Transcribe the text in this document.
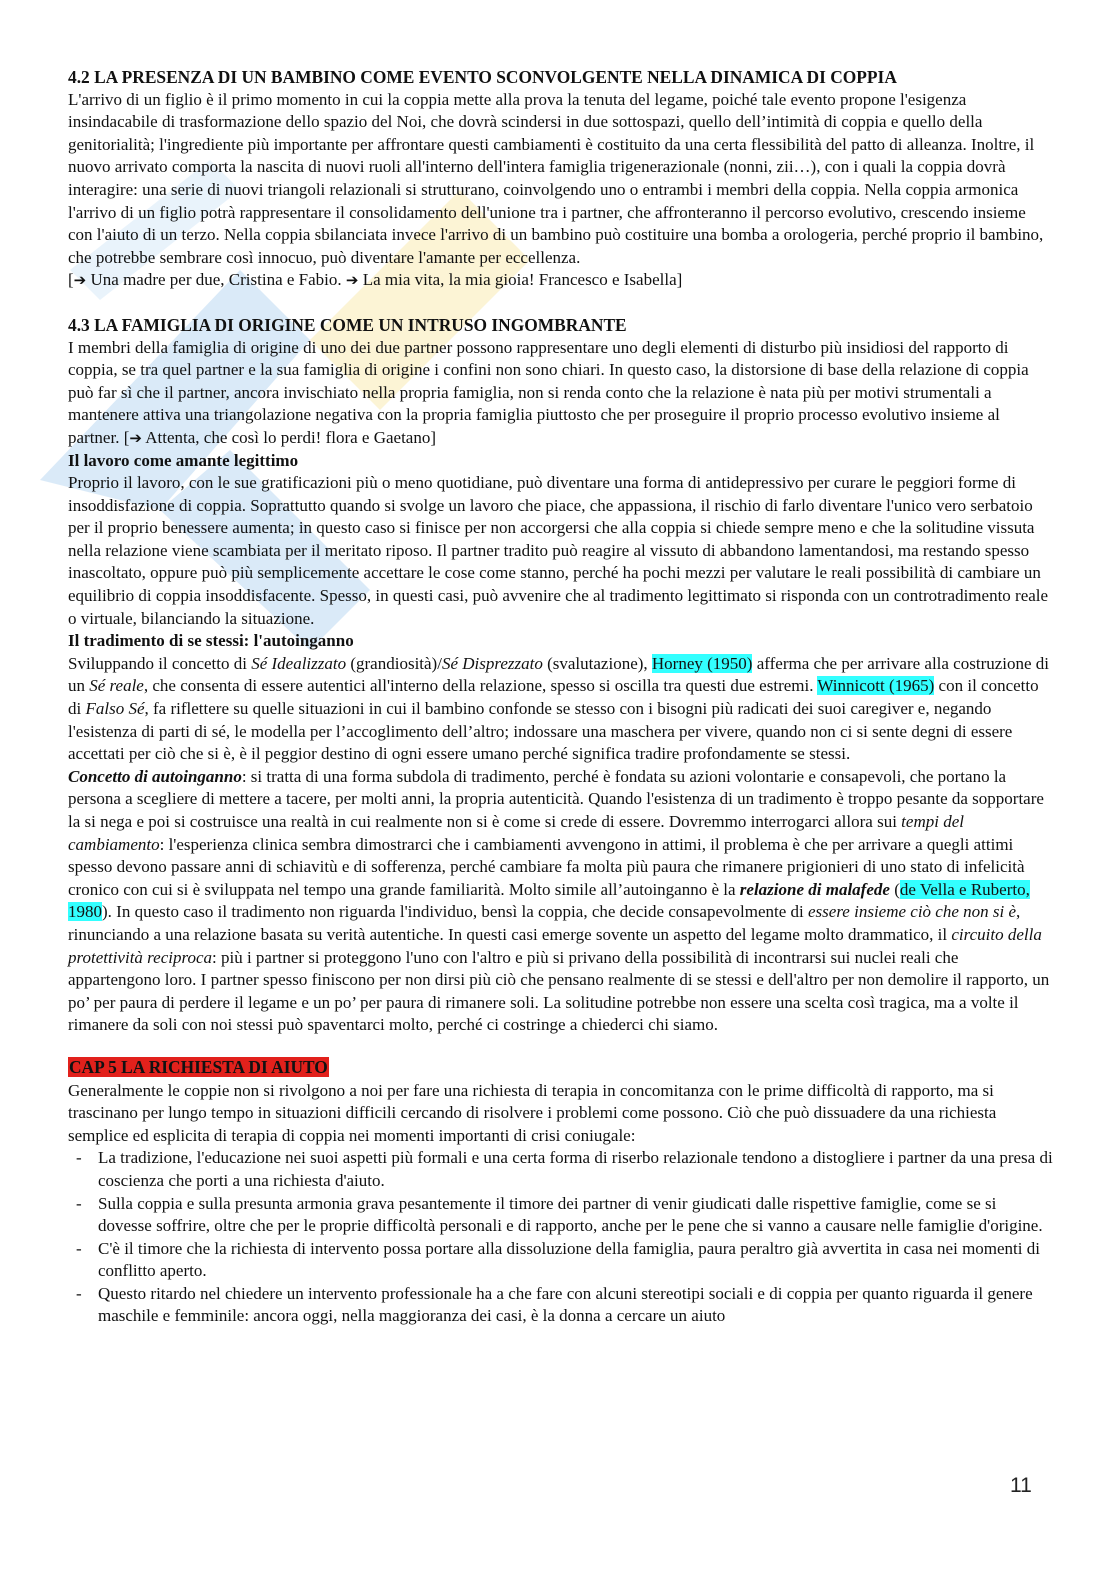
4.2 LA PRESENZA DI UN BAMBINO COME EVENTO SCONVOLGENTE NELLA DINAMICA DI COPPIA

L'arrivo di un figlio è il primo momento in cui la coppia mette alla prova la tenuta del legame, poiché tale evento propone l'esigenza insindacabile di trasformazione dello spazio del Noi, che dovrà scindersi in due sottospazi, quello dell’intimità di coppia e quello della genitorialità; l'ingrediente più importante per affrontare questi cambiamenti è costituito da una certa flessibilità del patto di alleanza. Inoltre, il nuovo arrivato comporta la nascita di nuovi ruoli all'interno dell'intera famiglia trigenerazionale (nonni, zii…), con i quali la coppia dovrà interagire: una serie di nuovi triangoli relazionali si strutturano, coinvolgendo uno o entrambi i membri della coppia. Nella coppia armonica l'arrivo di un figlio potrà rappresentare il consolidamento dell'unione tra i partner, che affronteranno il percorso evolutivo, crescendo insieme con l'aiuto di un terzo. Nella coppia sbilanciata invece l'arrivo di un bambino può costituire una bomba a orologeria, perché proprio il bambino, che potrebbe sembrare così innocuo, può diventare l'amante per eccellenza.
[➔ Una madre per due, Cristina e Fabio. ➔ La mia vita, la mia gioia! Francesco e Isabella]

4.3 LA FAMIGLIA DI ORIGINE COME UN INTRUSO INGOMBRANTE

I membri della famiglia di origine di uno dei due partner possono rappresentare uno degli elementi di disturbo più insidiosi del rapporto di coppia, se tra quel partner e la sua famiglia di origine i confini non sono chiari. In questo caso, la distorsione di base della relazione di coppia può far sì che il partner, ancora invischiato nella propria famiglia, non si renda conto che la relazione è nata più per motivi strumentali a mantenere attiva una triangolazione negativa con la propria famiglia piuttosto che per proseguire il proprio processo evolutivo insieme al partner. [➔ Attenta, che così lo perdi! flora e Gaetano]

Il lavoro come amante legittimo

Proprio il lavoro, con le sue gratificazioni più o meno quotidiane, può diventare una forma di antidepressivo per curare le peggiori forme di insoddisfazione di coppia. Soprattutto quando si svolge un lavoro che piace, che appassiona, il rischio di farlo diventare l'unico vero serbatoio per il proprio benessere aumenta; in questo caso si finisce per non accorgersi che alla coppia si chiede sempre meno e che la solitudine vissuta nella relazione viene scambiata per il meritato riposo. Il partner tradito può reagire al vissuto di abbandono lamentandosi, ma restando spesso inascoltato, oppure può più semplicemente accettare le cose come stanno, perché ha pochi mezzi per valutare le reali possibilità di cambiare un equilibrio di coppia insoddisfacente. Spesso, in questi casi, può avvenire che al tradimento legittimato si risponda con un controtradimento reale o virtuale, bilanciando la situazione.

Il tradimento di se stessi: l'autoinganno

Sviluppando il concetto di Sé Idealizzato (grandiosità)/Sé Disprezzato (svalutazione), Horney (1950) afferma che per arrivare alla costruzione di un Sé reale, che consenta di essere autentici all'interno della relazione, spesso si oscilla tra questi due estremi. Winnicott (1965) con il concetto di Falso Sé, fa riflettere su quelle situazioni in cui il bambino confonde se stesso con i bisogni più radicati dei suoi caregiver e, negando l'esistenza di parti di sé, le modella per l’accoglimento dell’altro; indossare una maschera per vivere, quando non ci si sente degni di essere accettati per ciò che si è, è il peggior destino di ogni essere umano perché significa tradire profondamente se stessi.

Concetto di autoinganno: si tratta di una forma subdola di tradimento, perché è fondata su azioni volontarie e consapevoli, che portano la persona a scegliere di mettere a tacere, per molti anni, la propria autenticità. Quando l'esistenza di un tradimento è troppo pesante da sopportare la si nega e poi si costruisce una realtà in cui realmente non si è come si crede di essere. Dovremmo interrogarci allora sui tempi del cambiamento: l'esperienza clinica sembra dimostrarci che i cambiamenti avvengono in attimi, il problema è che per arrivare a quegli attimi spesso devono passare anni di schiavitù e di sofferenza, perché cambiare fa molta più paura che rimanere prigionieri di uno stato di infelicità cronico con cui si è sviluppata nel tempo una grande familiarità. Molto simile all’autoinganno è la relazione di malafede (de Vella e Ruberto, 1980). In questo caso il tradimento non riguarda l'individuo, bensì la coppia, che decide consapevolmente di essere insieme ciò che non si è, rinunciando a una relazione basata su verità autentiche. In questi casi emerge sovente un aspetto del legame molto drammatico, il circuito della protettività reciproca: più i partner si proteggono l'uno con l'altro e più si privano della possibilità di incontrarsi sui nuclei reali che appartengono loro. I partner spesso finiscono per non dirsi più ciò che pensano realmente di se stessi e dell'altro per non demolire il rapporto, un po’ per paura di perdere il legame e un po’ per paura di rimanere soli. La solitudine potrebbe non essere una scelta così tragica, ma a volte il rimanere da soli con noi stessi può spaventarci molto, perché ci costringe a chiederci chi siamo.

CAP 5 LA RICHIESTA DI AIUTO

Generalmente le coppie non si rivolgono a noi per fare una richiesta di terapia in concomitanza con le prime difficoltà di rapporto, ma si trascinano per lungo tempo in situazioni difficili cercando di risolvere i problemi come possono. Ciò che può dissuadere da una richiesta semplice ed esplicita di terapia di coppia nei momenti importanti di crisi coniugale:

- La tradizione, l'educazione nei suoi aspetti più formali e una certa forma di riserbo relazionale tendono a distogliere i partner da una presa di coscienza che porti a una richiesta d'aiuto.
- Sulla coppia e sulla presunta armonia grava pesantemente il timore dei partner di venir giudicati dalle rispettive famiglie, come se si dovesse soffrire, oltre che per le proprie difficoltà personali e di rapporto, anche per le pene che si vanno a causare nelle famiglie d'origine.
- C'è il timore che la richiesta di intervento possa portare alla dissoluzione della famiglia, paura peraltro già avvertita in casa nei momenti di conflitto aperto.
- Questo ritardo nel chiedere un intervento professionale ha a che fare con alcuni stereotipi sociali e di coppia per quanto riguarda il genere maschile e femminile: ancora oggi, nella maggioranza dei casi, è la donna a cercare un aiuto
11
